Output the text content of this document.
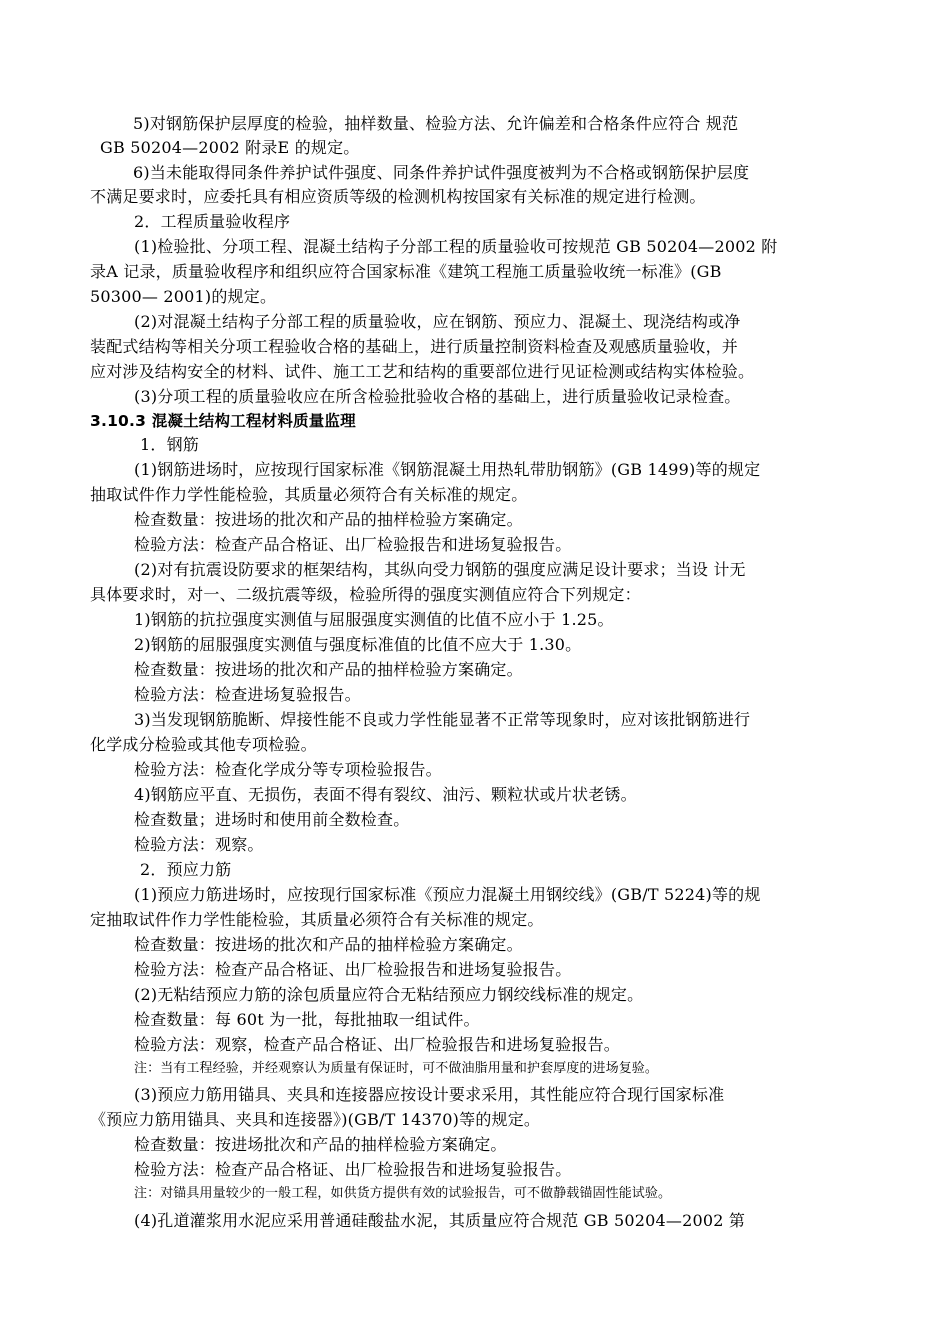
5)对钢筋保护层厚度的检验，抽样数量、检验方法、允许偏差和合格条件应符合 规范
GB 50204—2002 附录E 的规定。
6)当未能取得同条件养护试件强度、同条件养护试件强度被判为不合格或钢筋保护层度
不满足要求时，应委托具有相应资质等级的检测机构按国家有关标准的规定进行检测。
2．工程质量验收程序
(1)检验批、分项工程、混凝土结构子分部工程的质量验收可按规范 GB 50204—2002 附
录A 记录，质量验收程序和组织应符合国家标准《建筑工程施工质量验收统一标准》(GB
50300— 2001)的规定。
(2)对混凝土结构子分部工程的质量验收，应在钢筋、预应力、混凝土、现浇结构或净
装配式结构等相关分项工程验收合格的基础上，进行质量控制资料检查及观感质量验收，并
应对涉及结构安全的材料、试件、施工工艺和结构的重要部位进行见证检测或结构实体检验。
(3)分项工程的质量验收应在所含检验批验收合格的基础上，进行质量验收记录检查。
3.10.3 混凝土结构工程材料质量监理
1．钢筋
(1)钢筋进场时，应按现行国家标准《钢筋混凝土用热轧带肋钢筋》(GB 1499)等的规定
抽取试件作力学性能检验，其质量必须符合有关标准的规定。
检查数量：按进场的批次和产品的抽样检验方案确定。
检验方法：检查产品合格证、出厂检验报告和进场复验报告。
(2)对有抗震设防要求的框架结构，其纵向受力钢筋的强度应满足设计要求；当设 计无
具体要求时，对一、二级抗震等级，检验所得的强度实测值应符合下列规定：
1)钢筋的抗拉强度实测值与屈服强度实测值的比值不应小于 1.25。
2)钢筋的屈服强度实测值与强度标准值的比值不应大于 1.30。
检查数量：按进场的批次和产品的抽样检验方案确定。
检验方法：检查进场复验报告。
3)当发现钢筋脆断、焊接性能不良或力学性能显著不正常等现象时，应对该批钢筋进行
化学成分检验或其他专项检验。
检验方法：检查化学成分等专项检验报告。
4)钢筋应平直、无损伤，表面不得有裂纹、油污、颗粒状或片状老锈。
检查数量；进场时和使用前全数检查。
检验方法：观察。
2．预应力筋
(1)预应力筋进场时，应按现行国家标准《预应力混凝土用钢绞线》(GB/T 5224)等的规
定抽取试件作力学性能检验，其质量必须符合有关标准的规定。
检查数量：按进场的批次和产品的抽样检验方案确定。
检验方法：检查产品合格证、出厂检验报告和进场复验报告。
(2)无粘结预应力筋的涂包质量应符合无粘结预应力钢绞线标准的规定。
检查数量：每 60t 为一批，每批抽取一组试件。
检验方法：观察，检查产品合格证、出厂检验报告和进场复验报告。
注：当有工程经验，并经观察认为质量有保证时，可不做油脂用量和护套厚度的进场复验。
(3)预应力筋用锚具、夹具和连接器应按设计要求采用，其性能应符合现行国家标准
《预应力筋用锚具、夹具和连接器》)(GB/T 14370)等的规定。
检查数量：按进场批次和产品的抽样检验方案确定。
检验方法：检查产品合格证、出厂检验报告和进场复验报告。
注：对锚具用量较少的一般工程，如供货方提供有效的试验报告，可不做静载锚固性能试验。
(4)孔道灌浆用水泥应采用普通硅酸盐水泥，其质量应符合规范 GB 50204—2002 第
